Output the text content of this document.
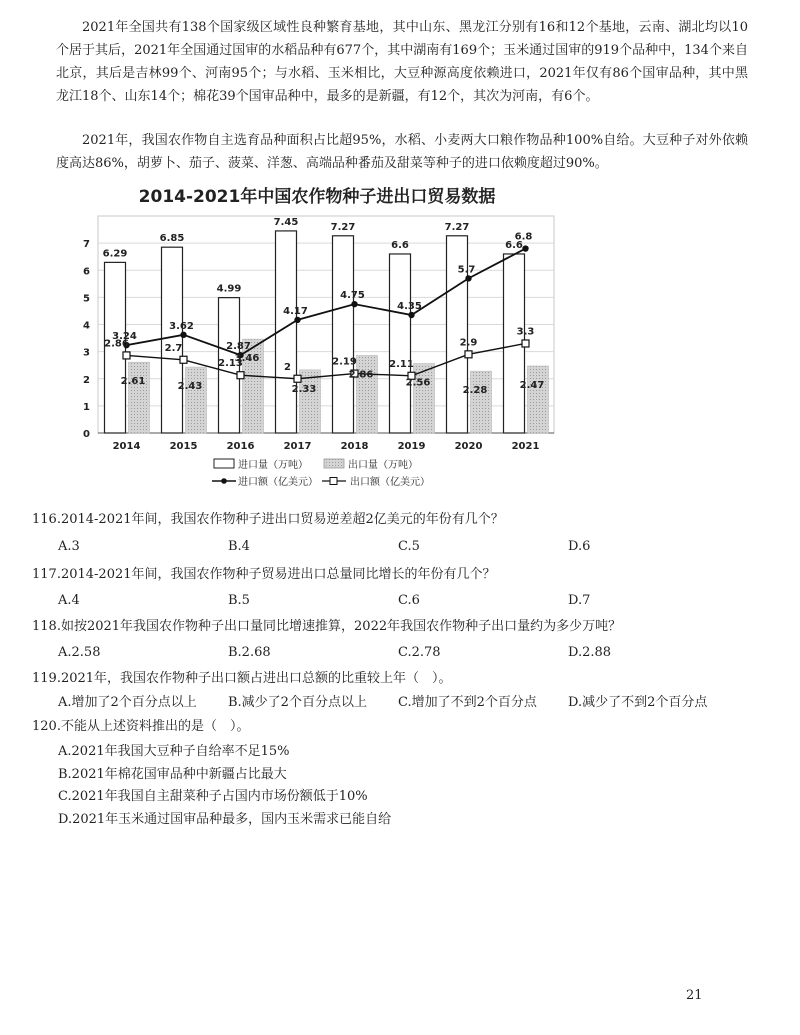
2021年全国共有138个国家级区域性良种繁育基地，其中山东、黑龙江分别有16和12个基地，云南、湖北均以10个居于其后，2021年全国通过国审的水稻品种有677个，其中湖南有169个；玉米通过国审的919个品种中，134个来自北京，其后是吉林99个、河南95个；与水稻、玉米相比，大豆种源高度依赖进口，2021年仅有86个国审品种，其中黑龙江18个、山东14个；棉花39个国审品种中，最多的是新疆，有12个，其次为河南，有6个。

2021年，我国农作物自主选育品种面积占比超95%，水稻、小麦两大口粮作物品种100%自给。大豆种子对外依赖度高达86%，胡萝卜、茄子、菠菜、洋葱、高端品种番茄及甜菜等种子的进口依赖度超过90%。

2014-2021年中国农作物种子进出口贸易数据
0
1
2
3
4
5
6
7
6.29
6.85
4.99
7.45	7.27
6.6
7.27
6.6
3.24
3.62
2.87
4.17
4.75
4.35
5.7
6.8
2.86	2.7
2.13	2	2.19	2.11
2.9
3.3
2.61	2.43
3.46
2.33
2.86
2.56
2.28	2.47
2014	2015	2016	2017	2018	2019	2020	2021
进口量（万吨）	出口量（万吨）
进口额（亿美元）	出口额（亿美元）
116.2014-2021年间，我国农作物种子进出口贸易逆差超2亿美元的年份有几个？
A.3	B.4	C.5	D.6
117.2014-2021年间，我国农作物种子贸易进出口总量同比增长的年份有几个？
A.4	B.5	C.6	D.7
118.如按2021年我国农作物种子出口量同比增速推算，2022年我国农作物种子出口量约为多少万吨？
A.2.58	B.2.68	C.2.78	D.2.88
119.2021年，我国农作物种子出口额占进出口总额的比重较上年（　）。
A.增加了2个百分点以上 B.减少了2个百分点以上 C.增加了不到2个百分点 D.减少了不到2个百分点
120.不能从上述资料推出的是（　）。
A.2021年我国大豆种子自给率不足15%
B.2021年棉花国审品种中新疆占比最大
C.2021年我国自主甜菜种子占国内市场份额低于10%
D.2021年玉米通过国审品种最多，国内玉米需求已能自给
21
